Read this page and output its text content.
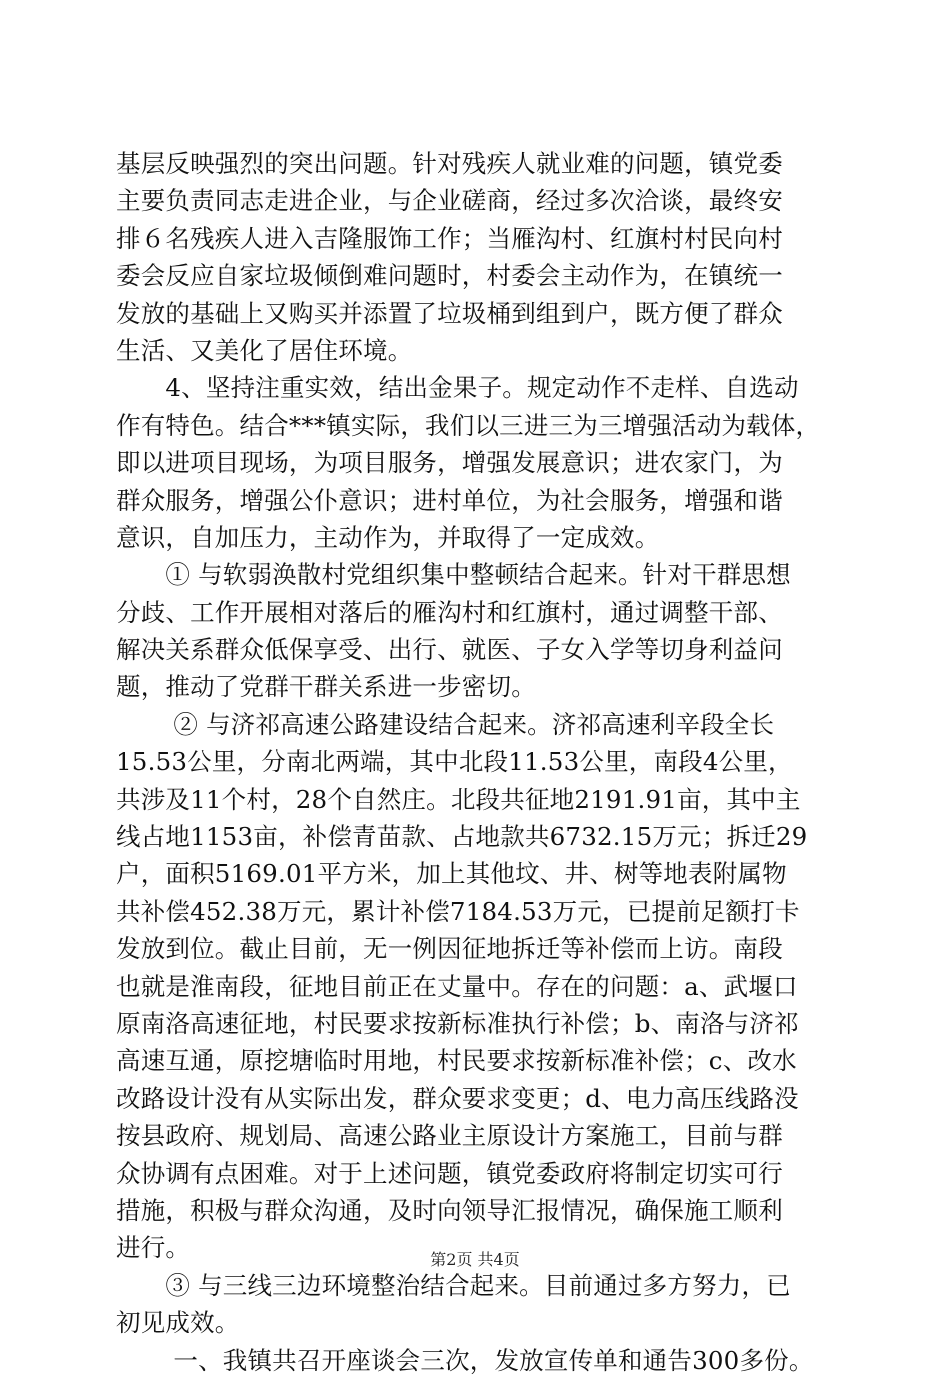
基层反映强烈的突出问题。针对残疾人就业难的问题，镇党委
主要负责同志走进企业，与企业磋商，经过多次洽谈，最终安
排６名残疾人进入吉隆服饰工作；当雁沟村、红旗村村民向村
委会反应自家垃圾倾倒难问题时，村委会主动作为，在镇统一
发放的基础上又购买并添置了垃圾桶到组到户，既方便了群众
生活、又美化了居住环境。
　　4、坚持注重实效，结出金果子。规定动作不走样、自选动
作有特色。结合***镇实际，我们以三进三为三增强活动为载体，
即以进项目现场，为项目服务，增强发展意识；进农家门，为
群众服务，增强公仆意识；进村单位，为社会服务，增强和谐
意识，自加压力，主动作为，并取得了一定成效。
　　① 与软弱涣散村党组织集中整顿结合起来。针对干群思想
分歧、工作开展相对落后的雁沟村和红旗村，通过调整干部、
解决关系群众低保享受、出行、就医、子女入学等切身利益问
题，推动了党群干群关系进一步密切。
　　 ② 与济祁高速公路建设结合起来。济祁高速利辛段全长
15.53公里，分南北两端，其中北段11.53公里，南段4公里，
共涉及11个村，28个自然庄。北段共征地2191.91亩，其中主
线占地1153亩，补偿青苗款、占地款共6732.15万元；拆迁29
户，面积5169.01平方米，加上其他坟、井、树等地表附属物
共补偿452.38万元，累计补偿7184.53万元，已提前足额打卡
发放到位。截止目前，无一例因征地拆迁等补偿而上访。南段
也就是淮南段，征地目前正在丈量中。存在的问题：a、武堰口
原南洛高速征地，村民要求按新标准执行补偿；b、南洛与济祁
高速互通，原挖塘临时用地，村民要求按新标准补偿；c、改水
改路设计没有从实际出发，群众要求变更；d、电力高压线路没
按县政府、规划局、高速公路业主原设计方案施工，目前与群
众协调有点困难。对于上述问题，镇党委政府将制定切实可行
措施，积极与群众沟通，及时向领导汇报情况，确保施工顺利
进行。
　　③ 与三线三边环境整治结合起来。目前通过多方努力，已
初见成效。
　　 一、我镇共召开座谈会三次，发放宣传单和通告300多份。
第2页 共4页
